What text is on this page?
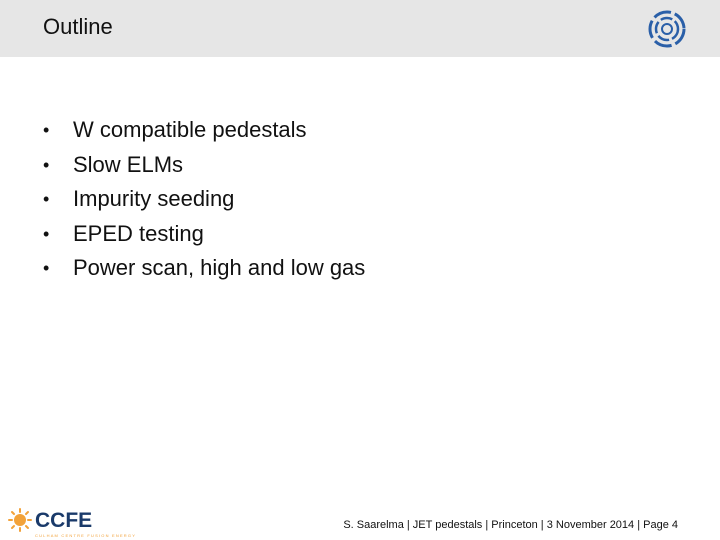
Outline
•	W compatible pedestals
•	Slow ELMs
•	Impurity seeding
•	EPED testing
•	Power scan, high and low gas
CCFE
CULHAM CENTRE FUSION ENERGY
S. Saarelma | JET pedestals | Princeton | 3 November 2014 | Page 4
